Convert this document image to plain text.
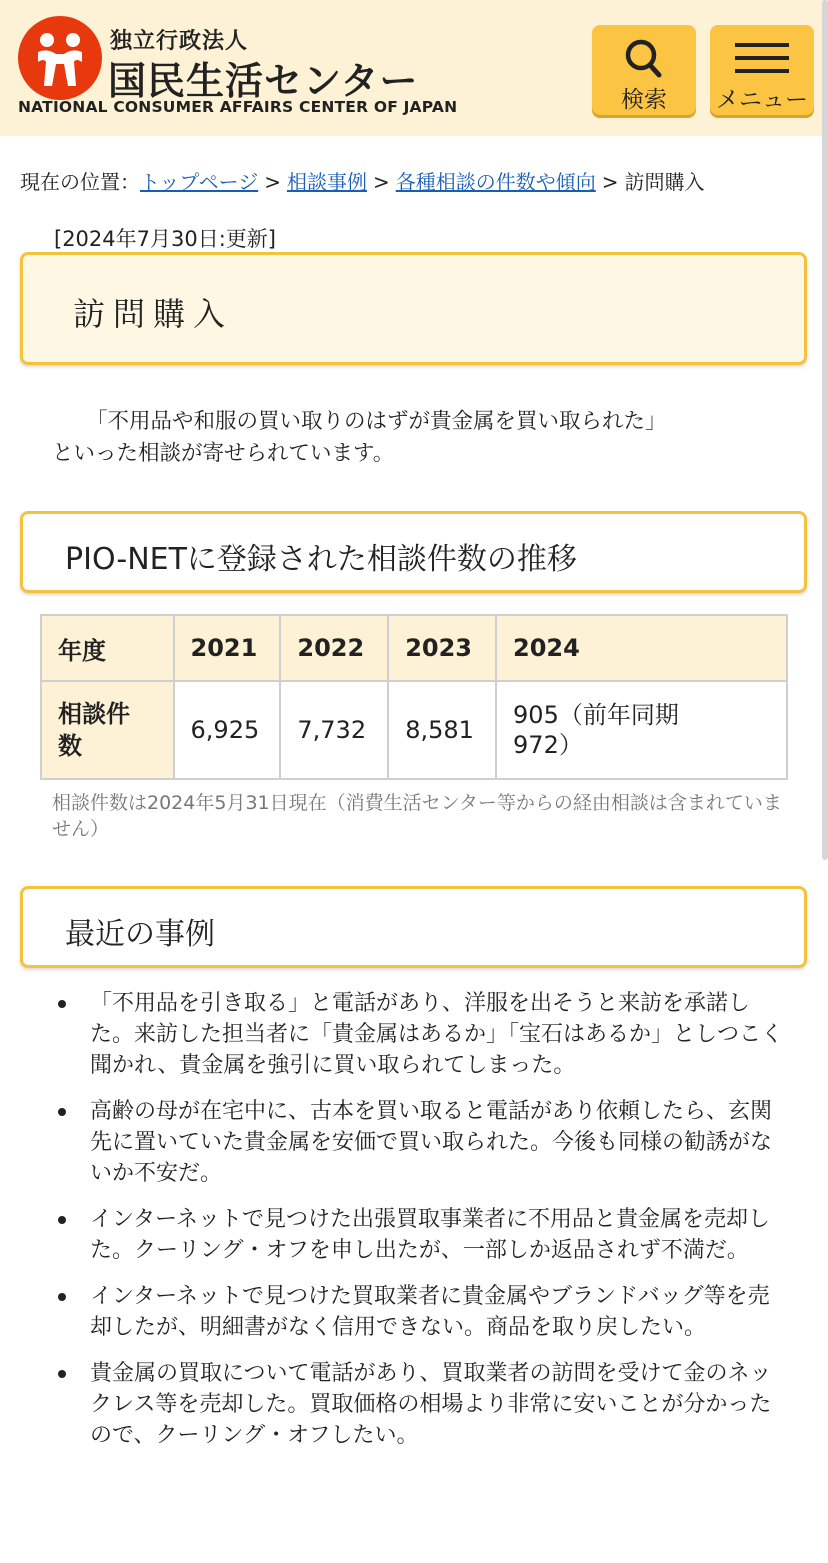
独立行政法人
国民生活センター
NATIONAL CONSUMER AFFAIRS CENTER OF JAPAN	検索	メニュー
現在の位置：トップページ > 相談事例 > 各種相談の件数や傾向 > 訪問購入
[2024年7月30日:更新]
訪問購入
「不用品や和服の買い取りのはずが貴金属を買い取られた」
といった相談が寄せられています。
PIO-NETに登録された相談件数の推移
年度	2021	2022	2023	2024
相談件数	6,925	7,732	8,581	905（前年同期972）
相談件数は2024年5月31日現在（消費生活センター等からの経由相談は含まれていません）
最近の事例
「不用品を引き取る」と電話があり、洋服を出そうと来訪を承諾した。来訪した担当者に「貴金属はあるか」「宝石はあるか」としつこく聞かれ、貴金属を強引に買い取られてしまった。
高齢の母が在宅中に、古本を買い取ると電話があり依頼したら、玄関先に置いていた貴金属を安価で買い取られた。今後も同様の勧誘がないか不安だ。
インターネットで見つけた出張買取事業者に不用品と貴金属を売却した。クーリング・オフを申し出たが、一部しか返品されず不満だ。
インターネットで見つけた買取業者に貴金属やブランドバッグ等を売却したが、明細書がなく信用できない。商品を取り戻したい。
貴金属の買取について電話があり、買取業者の訪問を受けて金のネックレス等を売却した。買取価格の相場より非常に安いことが分かったので、クーリング・オフしたい。
